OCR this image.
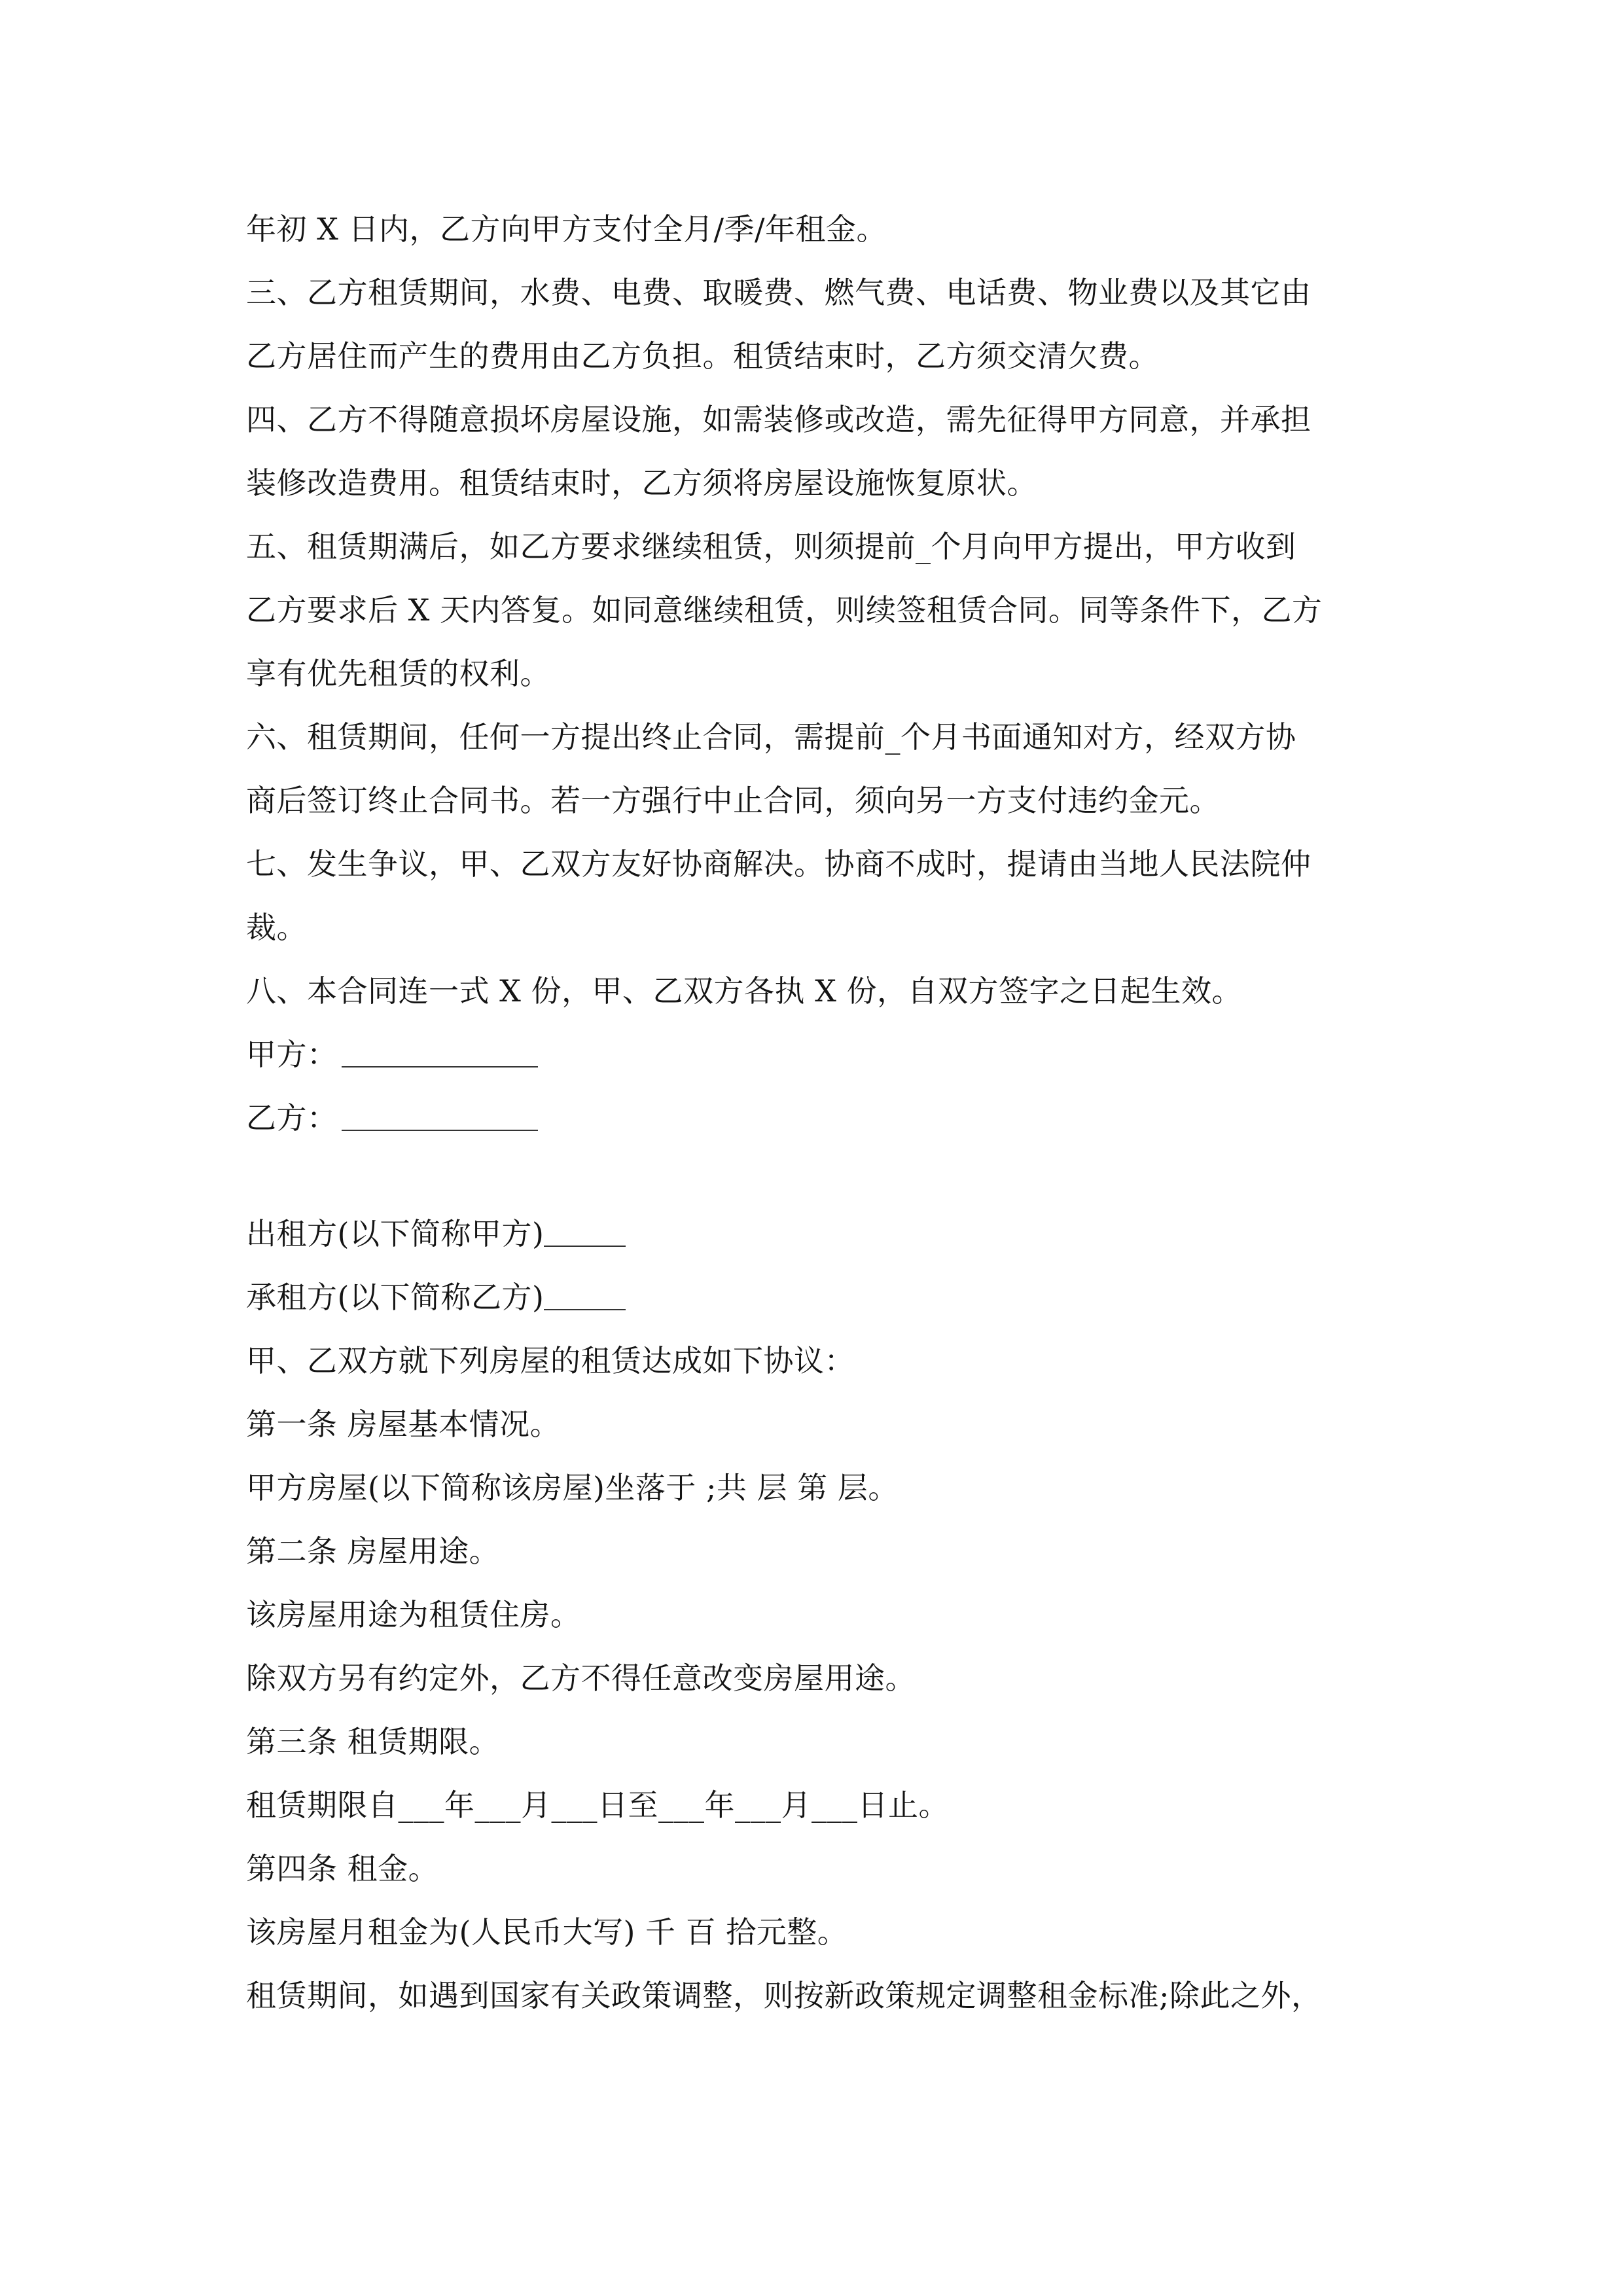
年初 X 日内，乙方向甲方支付全月/季/年租金。
三、乙方租赁期间，水费、电费、取暖费、燃气费、电话费、物业费以及其它由
乙方居住而产生的费用由乙方负担。租赁结束时，乙方须交清欠费。
四、乙方不得随意损坏房屋设施，如需装修或改造，需先征得甲方同意，并承担
装修改造费用。租赁结束时，乙方须将房屋设施恢复原状。
五、租赁期满后，如乙方要求继续租赁，则须提前_个月向甲方提出，甲方收到
乙方要求后 X 天内答复。如同意继续租赁，则续签租赁合同。同等条件下，乙方
享有优先租赁的权利。
六、租赁期间，任何一方提出终止合同，需提前_个月书面通知对方，经双方协
商后签订终止合同书。若一方强行中止合同，须向另一方支付违约金元。
七、发生争议，甲、乙双方友好协商解决。协商不成时，提请由当地人民法院仲
裁。
八、本合同连一式 X 份，甲、乙双方各执 X 份，自双方签字之日起生效。
甲方：
乙方：
出租方(以下简称甲方)
承租方(以下简称乙方)
甲、乙双方就下列房屋的租赁达成如下协议：
第一条 房屋基本情况。
甲方房屋(以下简称该房屋)坐落于 ;共 层 第 层。
第二条 房屋用途。
该房屋用途为租赁住房。
除双方另有约定外，乙方不得任意改变房屋用途。
第三条 租赁期限。
租赁期限自___年___月___日至___年___月___日止。
第四条 租金。
该房屋月租金为(人民币大写) 千 百 拾元整。
租赁期间，如遇到国家有关政策调整，则按新政策规定调整租金标准;除此之外，
